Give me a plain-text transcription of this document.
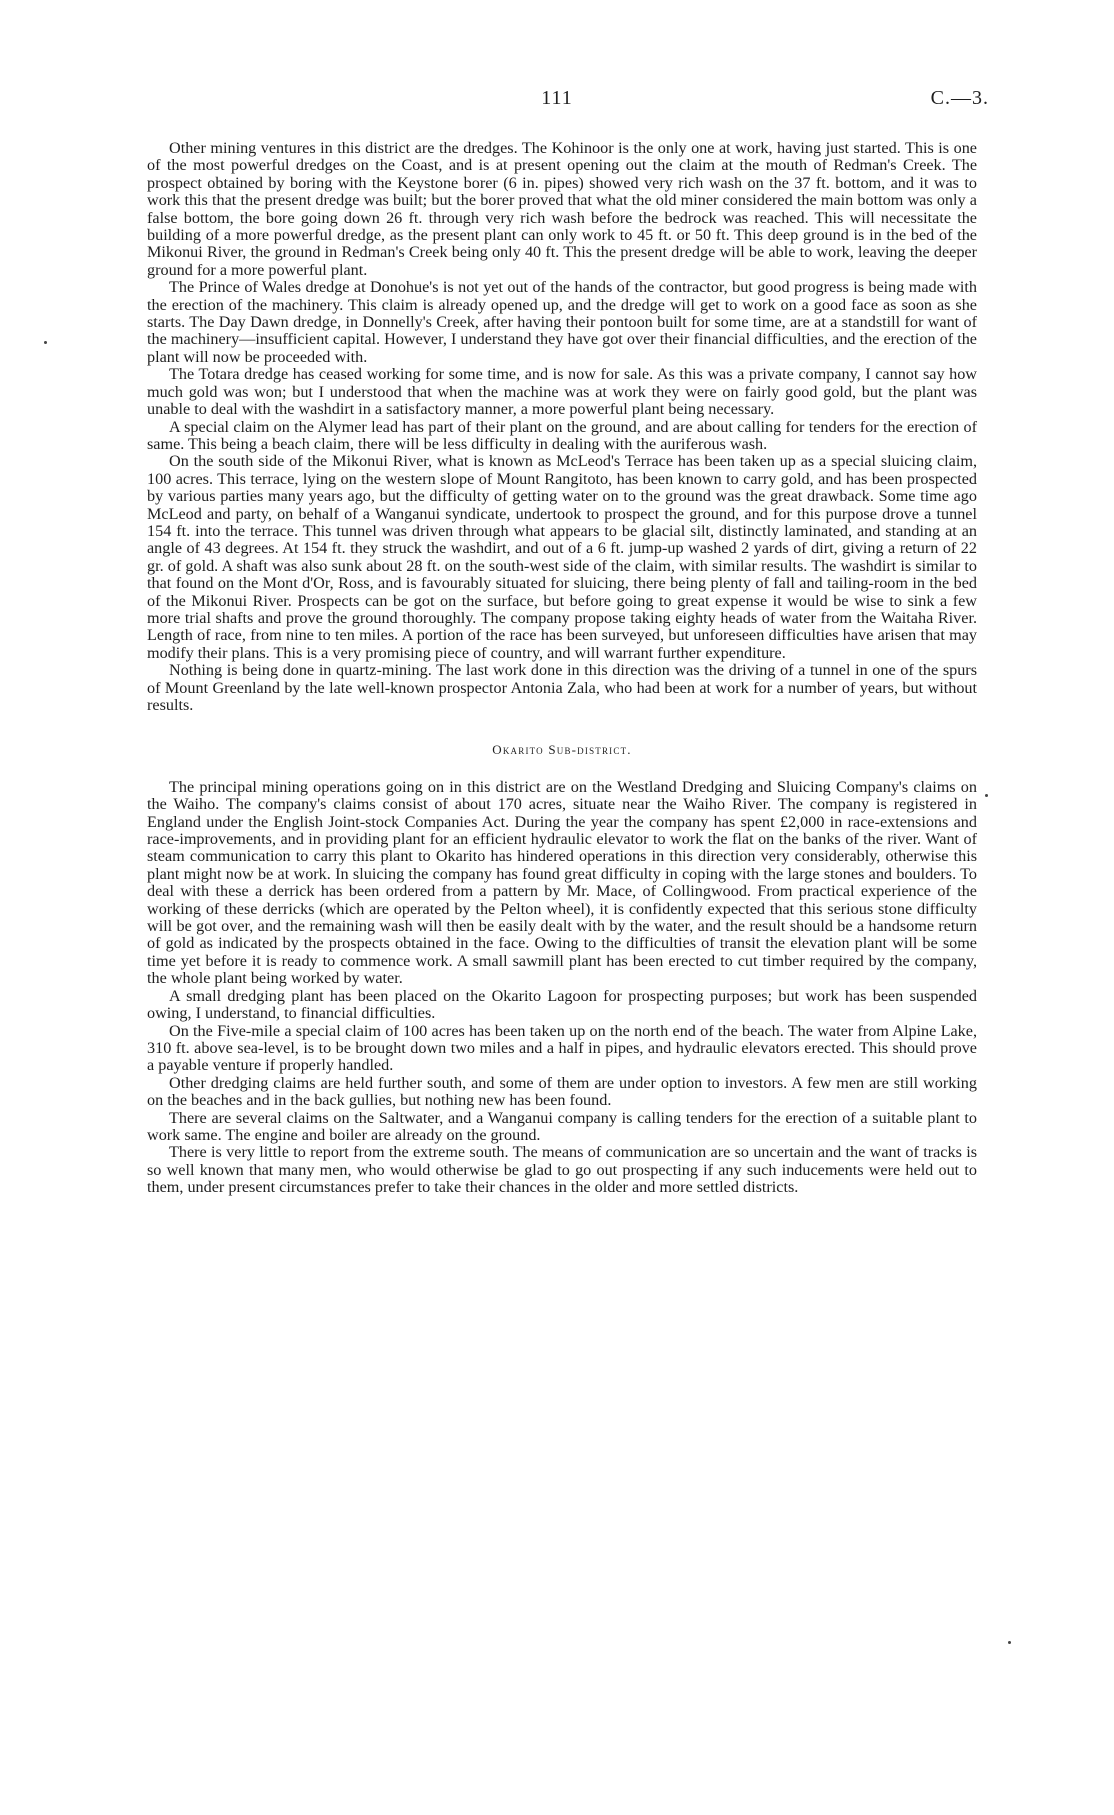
111	C.—3.

Other mining ventures in this district are the dredges. The Kohinoor is the only one at work, having just started. This is one of the most powerful dredges on the Coast, and is at present opening out the claim at the mouth of Redman's Creek. The prospect obtained by boring with the Keystone borer (6 in. pipes) showed very rich wash on the 37 ft. bottom, and it was to work this that the present dredge was built; but the borer proved that what the old miner considered the main bottom was only a false bottom, the bore going down 26 ft. through very rich wash before the bedrock was reached. This will necessitate the building of a more powerful dredge, as the present plant can only work to 45 ft. or 50 ft. This deep ground is in the bed of the Mikonui River, the ground in Redman's Creek being only 40 ft. This the present dredge will be able to work, leaving the deeper ground for a more powerful plant.

The Prince of Wales dredge at Donohue's is not yet out of the hands of the contractor, but good progress is being made with the erection of the machinery. This claim is already opened up, and the dredge will get to work on a good face as soon as she starts. The Day Dawn dredge, in Donnelly's Creek, after having their pontoon built for some time, are at a standstill for want of the machinery—insufficient capital. However, I understand they have got over their financial difficulties, and the erection of the plant will now be proceeded with.

The Totara dredge has ceased working for some time, and is now for sale. As this was a private company, I cannot say how much gold was won; but I understood that when the machine was at work they were on fairly good gold, but the plant was unable to deal with the washdirt in a satisfactory manner, a more powerful plant being necessary.

A special claim on the Alymer lead has part of their plant on the ground, and are about calling for tenders for the erection of same. This being a beach claim, there will be less difficulty in dealing with the auriferous wash.

On the south side of the Mikonui River, what is known as McLeod's Terrace has been taken up as a special sluicing claim, 100 acres. This terrace, lying on the western slope of Mount Rangitoto, has been known to carry gold, and has been prospected by various parties many years ago, but the difficulty of getting water on to the ground was the great drawback. Some time ago McLeod and party, on behalf of a Wanganui syndicate, undertook to prospect the ground, and for this purpose drove a tunnel 154 ft. into the terrace. This tunnel was driven through what appears to be glacial silt, distinctly laminated, and standing at an angle of 43 degrees. At 154 ft. they struck the washdirt, and out of a 6 ft. jump-up washed 2 yards of dirt, giving a return of 22 gr. of gold. A shaft was also sunk about 28 ft. on the south-west side of the claim, with similar results. The washdirt is similar to that found on the Mont d'Or, Ross, and is favourably situated for sluicing, there being plenty of fall and tailing-room in the bed of the Mikonui River. Prospects can be got on the surface, but before going to great expense it would be wise to sink a few more trial shafts and prove the ground thoroughly. The company propose taking eighty heads of water from the Waitaha River. Length of race, from nine to ten miles. A portion of the race has been surveyed, but unforeseen difficulties have arisen that may modify their plans. This is a very promising piece of country, and will warrant further expenditure.

Nothing is being done in quartz-mining. The last work done in this direction was the driving of a tunnel in one of the spurs of Mount Greenland by the late well-known prospector Antonia Zala, who had been at work for a number of years, but without results.

Okarito Sub-district.

The principal mining operations going on in this district are on the Westland Dredging and Sluicing Company's claims on the Waiho. The company's claims consist of about 170 acres, situate near the Waiho River. The company is registered in England under the English Joint-stock Companies Act. During the year the company has spent £2,000 in race-extensions and race-improvements, and in providing plant for an efficient hydraulic elevator to work the flat on the banks of the river. Want of steam communication to carry this plant to Okarito has hindered operations in this direction very considerably, otherwise this plant might now be at work. In sluicing the company has found great difficulty in coping with the large stones and boulders. To deal with these a derrick has been ordered from a pattern by Mr. Mace, of Collingwood. From practical experience of the working of these derricks (which are operated by the Pelton wheel), it is confidently expected that this serious stone difficulty will be got over, and the remaining wash will then be easily dealt with by the water, and the result should be a handsome return of gold as indicated by the prospects obtained in the face. Owing to the difficulties of transit the elevation plant will be some time yet before it is ready to commence work. A small sawmill plant has been erected to cut timber required by the company, the whole plant being worked by water.

A small dredging plant has been placed on the Okarito Lagoon for prospecting purposes; but work has been suspended owing, I understand, to financial difficulties.

On the Five-mile a special claim of 100 acres has been taken up on the north end of the beach. The water from Alpine Lake, 310 ft. above sea-level, is to be brought down two miles and a half in pipes, and hydraulic elevators erected. This should prove a payable venture if properly handled.

Other dredging claims are held further south, and some of them are under option to investors. A few men are still working on the beaches and in the back gullies, but nothing new has been found.

There are several claims on the Saltwater, and a Wanganui company is calling tenders for the erection of a suitable plant to work same. The engine and boiler are already on the ground.

There is very little to report from the extreme south. The means of communication are so uncertain and the want of tracks is so well known that many men, who would otherwise be glad to go out prospecting if any such inducements were held out to them, under present circumstances prefer to take their chances in the older and more settled districts.
